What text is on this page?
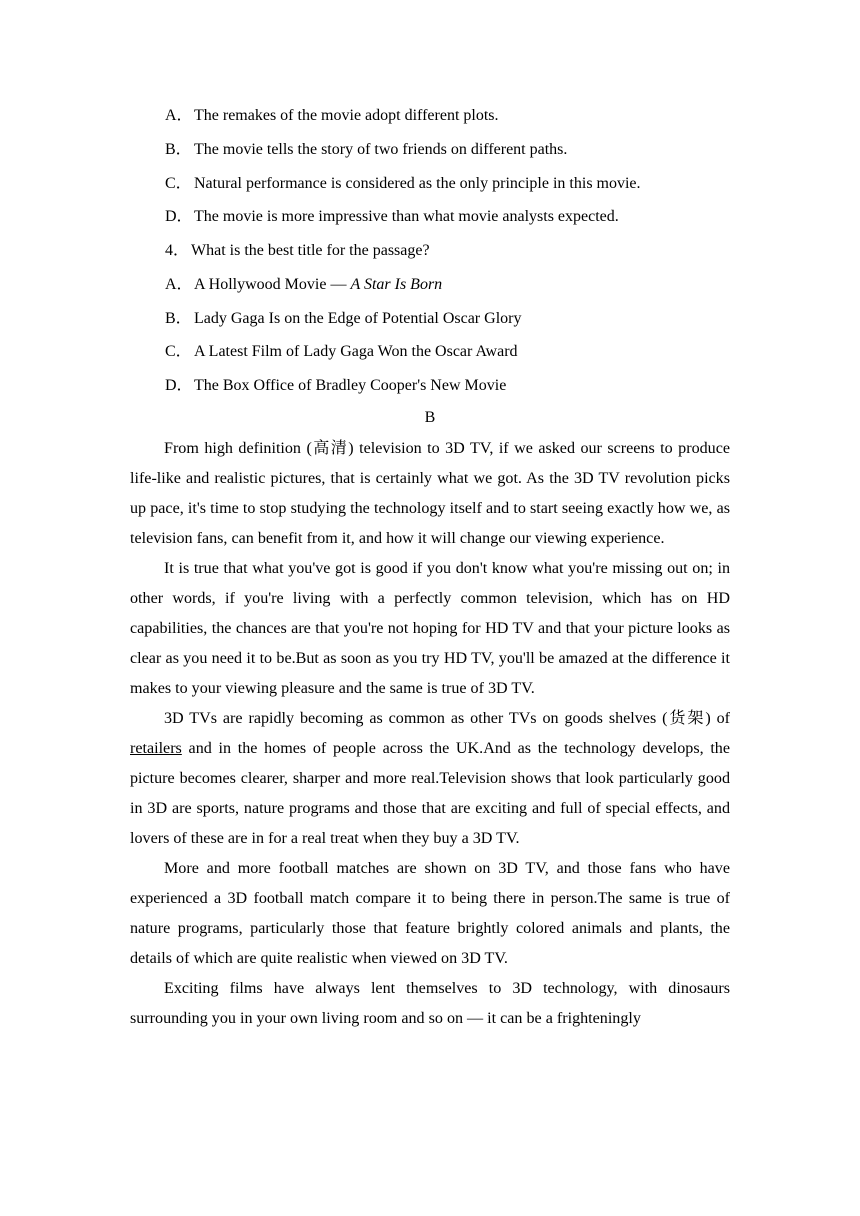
A．The remakes of the movie adopt different plots.
B． The movie tells the story of two friends on different paths.
C． Natural performance is considered as the only principle in this movie.
D．The movie is more impressive than what movie analysts expected.
4． What is the best title for the passage?
A．A Hollywood Movie — A Star Is Born
B． Lady Gaga Is on the Edge of Potential Oscar Glory
C． A Latest Film of Lady Gaga Won the Oscar Award
D．The Box Office of Bradley Cooper's New Movie
B

From high definition (高清) television to 3D TV, if we asked our screens to produce life-like and realistic pictures, that is certainly what we got. As the 3D TV revolution picks up pace, it's time to stop studying the technology itself and to start seeing exactly how we, as television fans, can benefit from it, and how it will change our viewing experience.

It is true that what you've got is good if you don't know what you're missing out on; in other words, if you're living with a perfectly common television, which has on HD capabilities, the chances are that you're not hoping for HD TV and that your picture looks as clear as you need it to be.But as soon as you try HD TV, you'll be amazed at the difference it makes to your viewing pleasure and the same is true of 3D TV.

3D TVs are rapidly becoming as common as other TVs on goods shelves (货架) of retailers and in the homes of people across the UK.And as the technology develops, the picture becomes clearer, sharper and more real.Television shows that look particularly good in 3D are sports, nature programs and those that are exciting and full of special effects, and lovers of these are in for a real treat when they buy a 3D TV.

More and more football matches are shown on 3D TV, and those fans who have experienced a 3D football match compare it to being there in person.The same is true of nature programs, particularly those that feature brightly colored animals and plants, the details of which are quite realistic when viewed on 3D TV.

Exciting films have always lent themselves to 3D technology, with dinosaurs surrounding you in your own living room and so on — it can be a frighteningly
